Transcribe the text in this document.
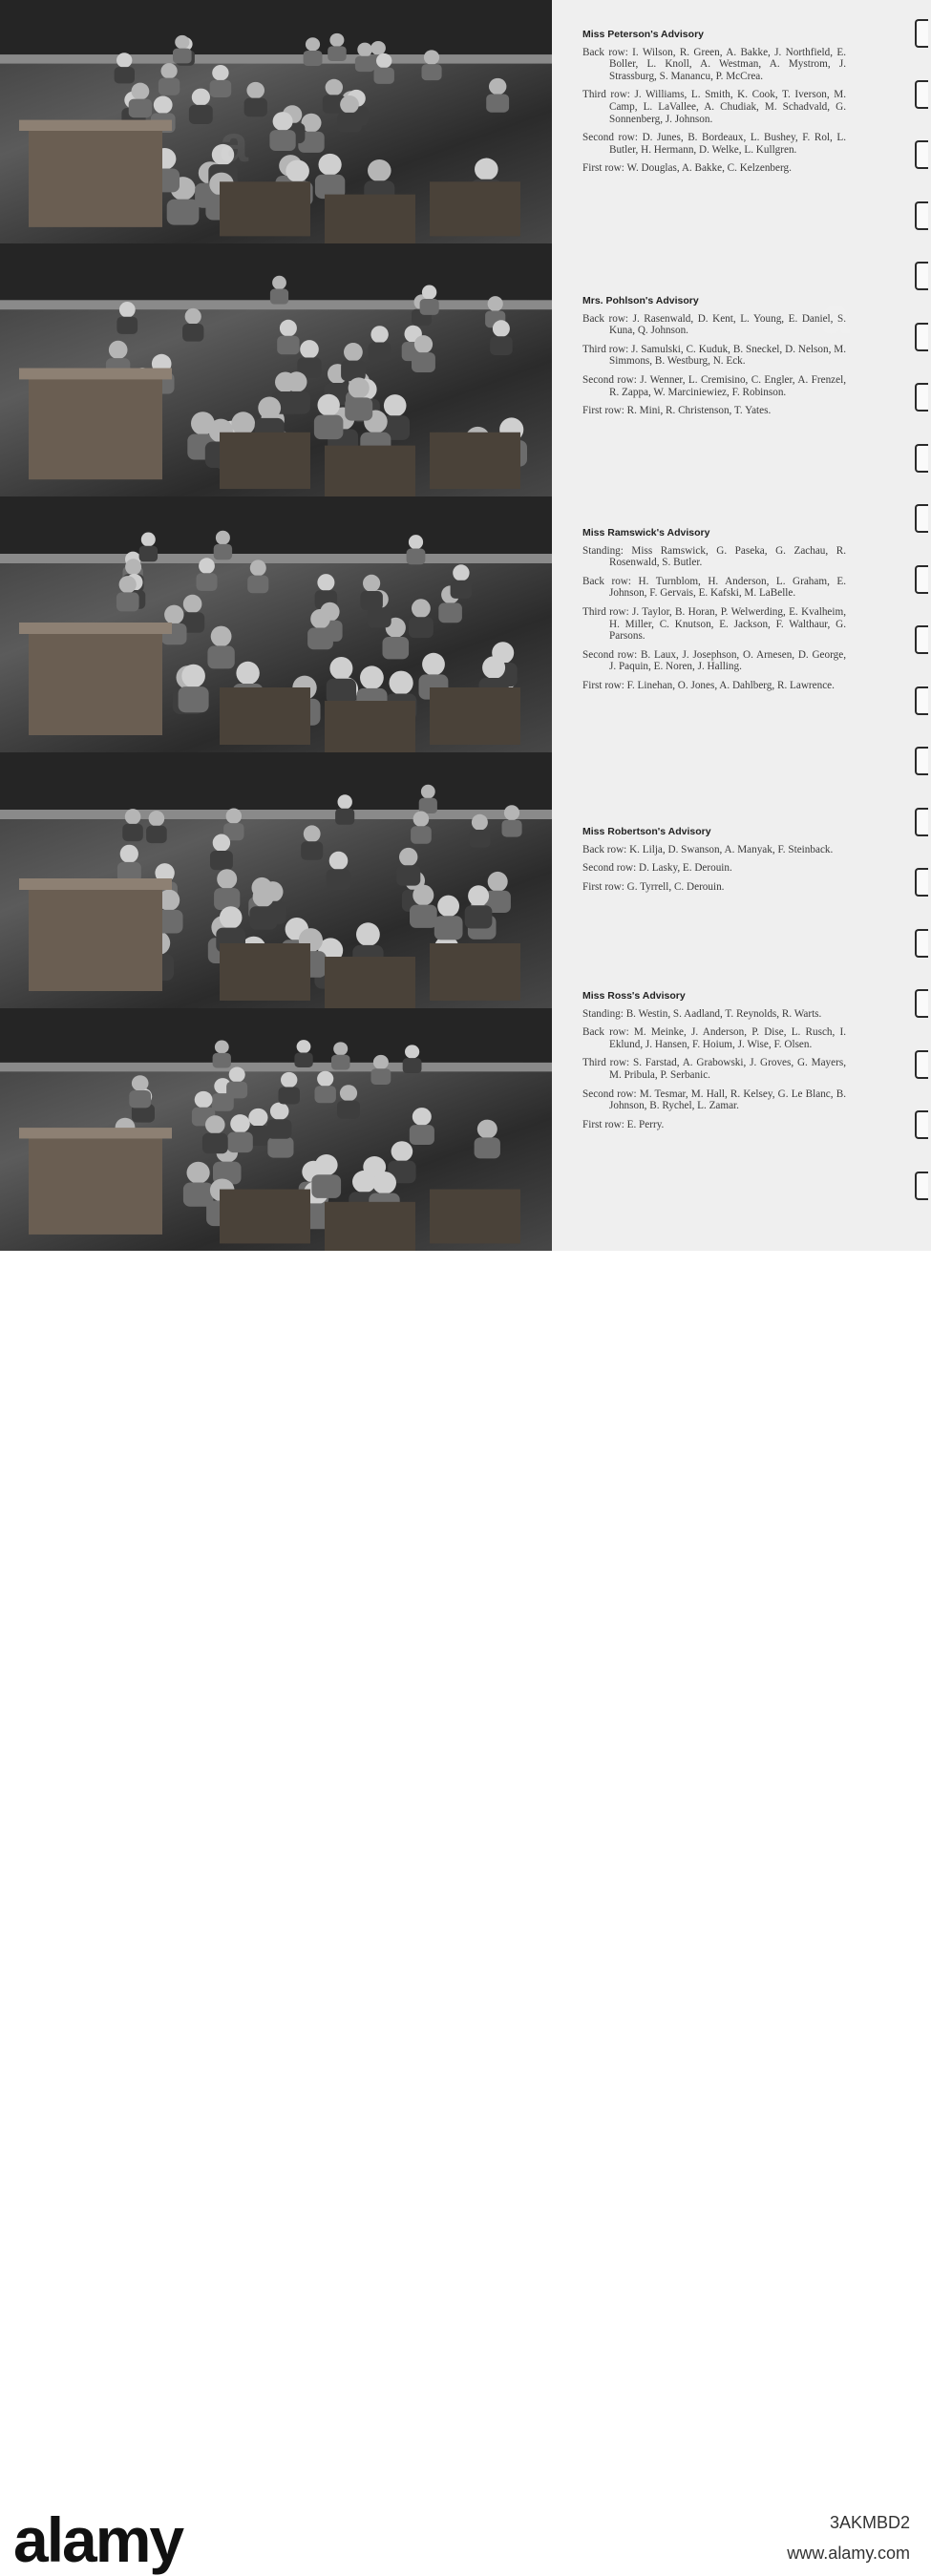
Miss Peterson's Advisory
Back row: I. Wilson, R. Green, A. Bakke, J. Northfield, E. Boller, L. Knoll, A. Westman, A. Mystrom, J. Strassburg, S. Manancu, P. McCrea.
Third row: J. Williams, L. Smith, K. Cook, T. Iverson, M. Camp, L. LaVallee, A. Chudiak, M. Schadvald, G. Sonnenberg, J. Johnson.
Second row: D. Junes, B. Bordeaux, L. Bushey, F. Rol, L. Butler, H. Hermann, D. Welke, L. Kullgren.
First row: W. Douglas, A. Bakke, C. Kelzenberg.
Mrs. Pohlson's Advisory
Back row: J. Rasenwald, D. Kent, L. Young, E. Daniel, S. Kuna, Q. Johnson.
Third row: J. Samulski, C. Kuduk, B. Sneckel, D. Nelson, M. Simmons, B. Westburg, N. Eck.
Second row: J. Wenner, L. Cremisino, C. Engler, A. Frenzel, R. Zappa, W. Marciniewiez, F. Robinson.
First row: R. Mini, R. Christenson, T. Yates.
Miss Ramswick's Advisory
Standing: Miss Ramswick, G. Paseka, G. Zachau, R. Rosenwald, S. Butler.
Back row: H. Turnblom, H. Anderson, L. Graham, E. Johnson, F. Gervais, E. Kafski, M. LaBelle.
Third row: J. Taylor, B. Horan, P. Welwerding, E. Kvalheim, H. Miller, C. Knutson, E. Jackson, F. Walthaur, G. Parsons.
Second row: B. Laux, J. Josephson, O. Arnesen, D. George, J. Paquin, E. Noren, J. Halling.
First row: F. Linehan, O. Jones, A. Dahlberg, R. Lawrence.
Miss Robertson's Advisory
Back row: K. Lilja, D. Swanson, A. Manyak, F. Steinback.
Second row: D. Lasky, E. Derouin.
First row: G. Tyrrell, C. Derouin.
Miss Ross's Advisory
Standing: B. Westin, S. Aadland, T. Reynolds, R. Warts.
Back row: M. Meinke, J. Anderson, P. Dise, L. Rusch, I. Eklund, J. Hansen, F. Hoium, J. Wise, F. Olsen.
Third row: S. Farstad, A. Grabowski, J. Groves, G. Mayers, M. Pribula, P. Serbanic.
Second row: M. Tesmar, M. Hall, R. Kelsey, G. Le Blanc, B. Johnson, B. Rychel, L. Zamar.
First row: E. Perry.
a
a
alamy	3AKMBD2
www.alamy.com
